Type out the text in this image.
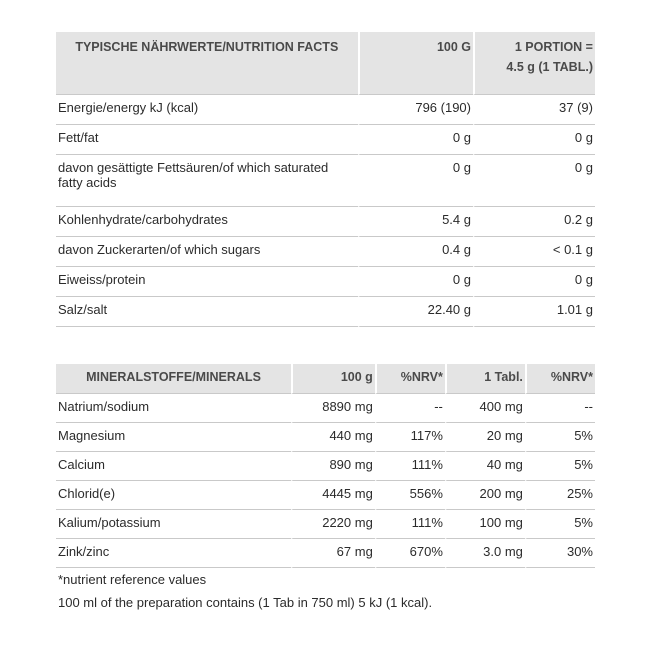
TYPISCHE NÄHRWERTE/NUTRITION FACTS	100 G	1 PORTION =
4.5 g (1 TABL.)

Energie/energy kJ (kcal)	796 (190)	37 (9)
Fett/fat	0 g	0 g
davon gesättigte Fettsäuren/of which saturated fatty acids	0 g	0 g
Kohlenhydrate/carbohydrates	5.4 g	0.2 g
davon Zuckerarten/of which sugars	0.4 g	< 0.1 g
Eiweiss/protein	0 g	0 g
Salz/salt	22.40 g	1.01 g
MINERALSTOFFE/MINERALS	100 g	%NRV*	1 Tabl.	%NRV*
Natrium/sodium	8890 mg	--	400 mg	--
Magnesium	440 mg	117%	20 mg	5%
Calcium	890 mg	111%	40 mg	5%
Chlorid(e)	4445 mg	556%	200 mg	25%
Kalium/potassium	2220 mg	111%	100 mg	5%
Zink/zinc	67 mg	670%	3.0 mg	30%
*nutrient reference values
100 ml of the preparation contains (1 Tab in 750 ml) 5 kJ (1 kcal).
